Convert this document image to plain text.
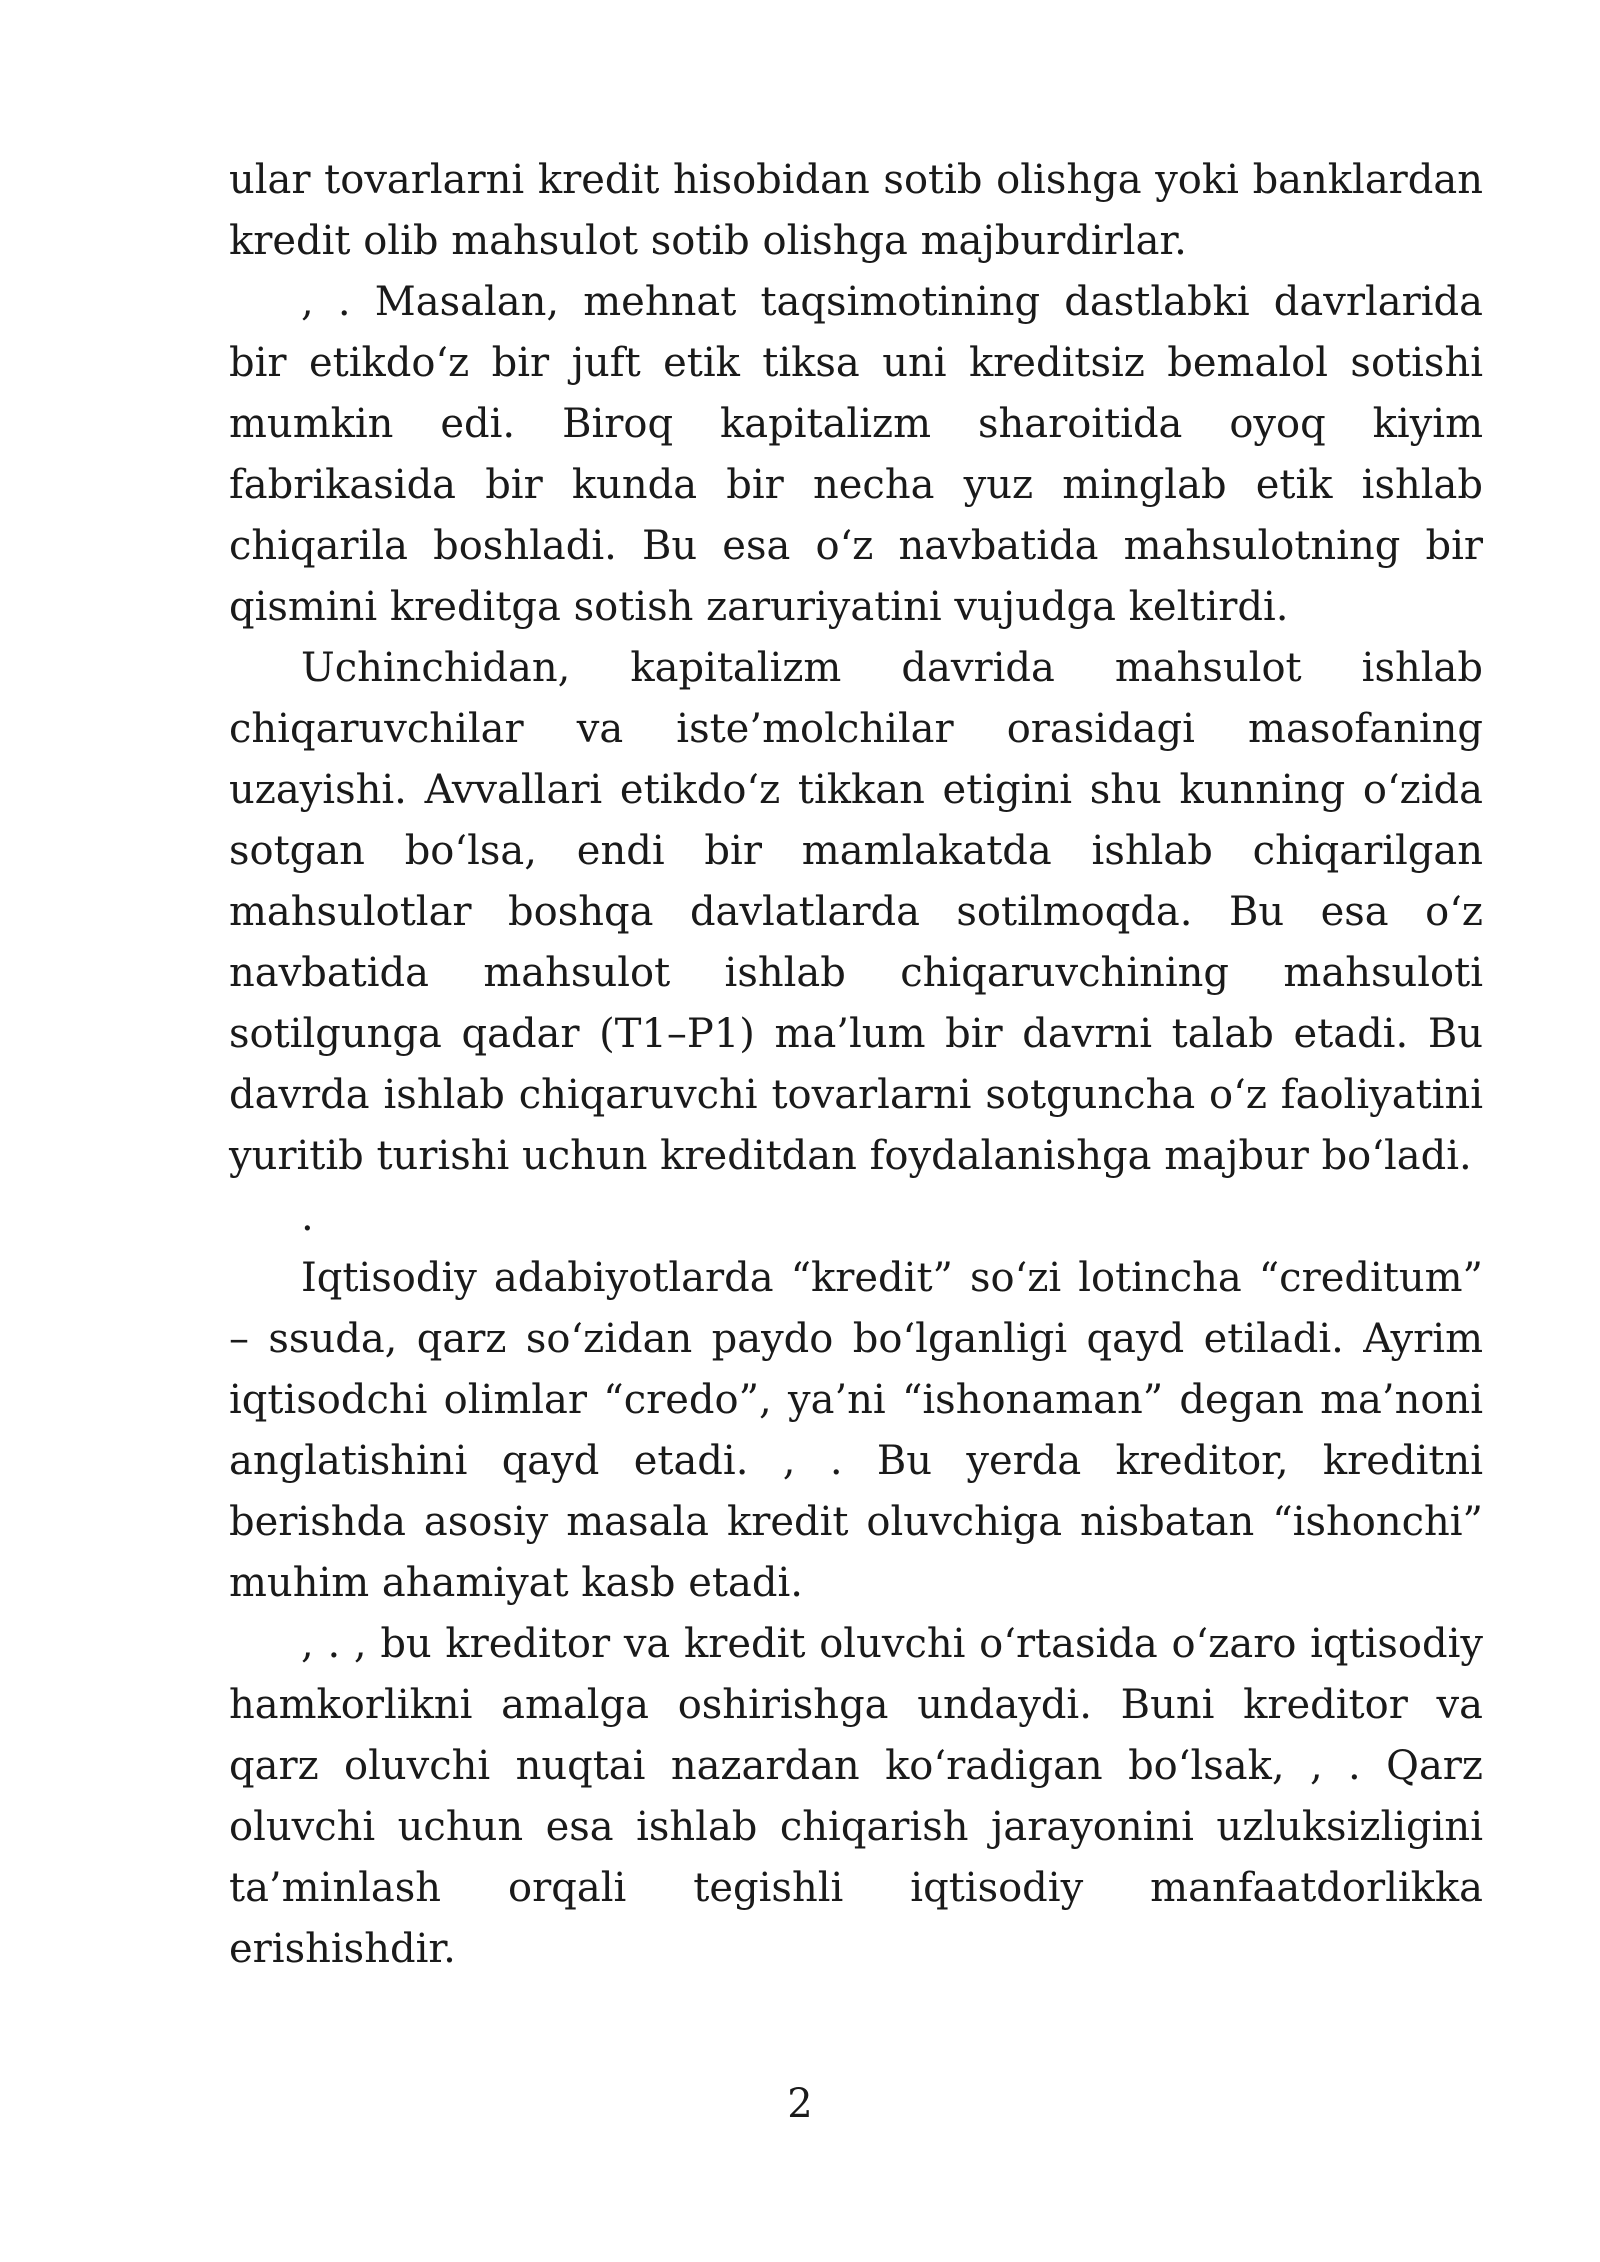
ular tovarlarni kredit hisobidan sotib olishga yoki banklardan kredit olib mahsulot sotib olishga majburdirlar.

, . Masalan, mehnat taqsimotining dastlabki davrlarida bir etikdo‘z bir juft etik tiksa uni kreditsiz bemalol sotishi mumkin edi. Biroq kapitalizm sharoitida oyoq kiyim fabrikasida bir kunda bir necha yuz minglab etik ishlab chiqarila boshladi. Bu esa o‘z navbatida mahsulotning bir qismini kreditga sotish zaruriyatini vujudga keltirdi.

Uchinchidan, kapitalizm davrida mahsulot ishlab chiqaruvchilar va iste’molchilar orasidagi masofaning uzayishi. Avvallari etikdo‘z tikkan etigini shu kunning o‘zida sotgan bo‘lsa, endi bir mamlakatda ishlab chiqarilgan mahsulotlar boshqa davlatlarda sotilmoqda. Bu esa o‘z navbatida mahsulot ishlab chiqaruvchining mahsuloti sotilgunga qadar (T1–P1) ma’lum bir davrni talab etadi. Bu davrda ishlab chiqaruvchi tovarlarni sotguncha o‘z faoliyatini yuritib turishi uchun kreditdan foydalanishga majbur bo‘ladi.

.

Iqtisodiy adabiyotlarda “kredit” so‘zi lotincha “creditum” – ssuda, qarz so‘zidan paydo bo‘lganligi qayd etiladi. Ayrim iqtisodchi olimlar “credo”, ya’ni “ishonaman” degan ma’noni anglatishini qayd etadi. , . Bu yerda kreditor, kreditni berishda asosiy masala kredit oluvchiga nisbatan “ishonchi” muhim ahamiyat kasb etadi.

, . , bu kreditor va kredit oluvchi o‘rtasida o‘zaro iqtisodiy hamkorlikni amalga oshirishga undaydi. Buni kreditor va qarz oluvchi nuqtai nazardan ko‘radigan bo‘lsak, , . Qarz oluvchi uchun esa ishlab chiqarish jarayonini uzluksizligini ta’minlash orqali tegishli iqtisodiy manfaatdorlikka erishishdir.

2
